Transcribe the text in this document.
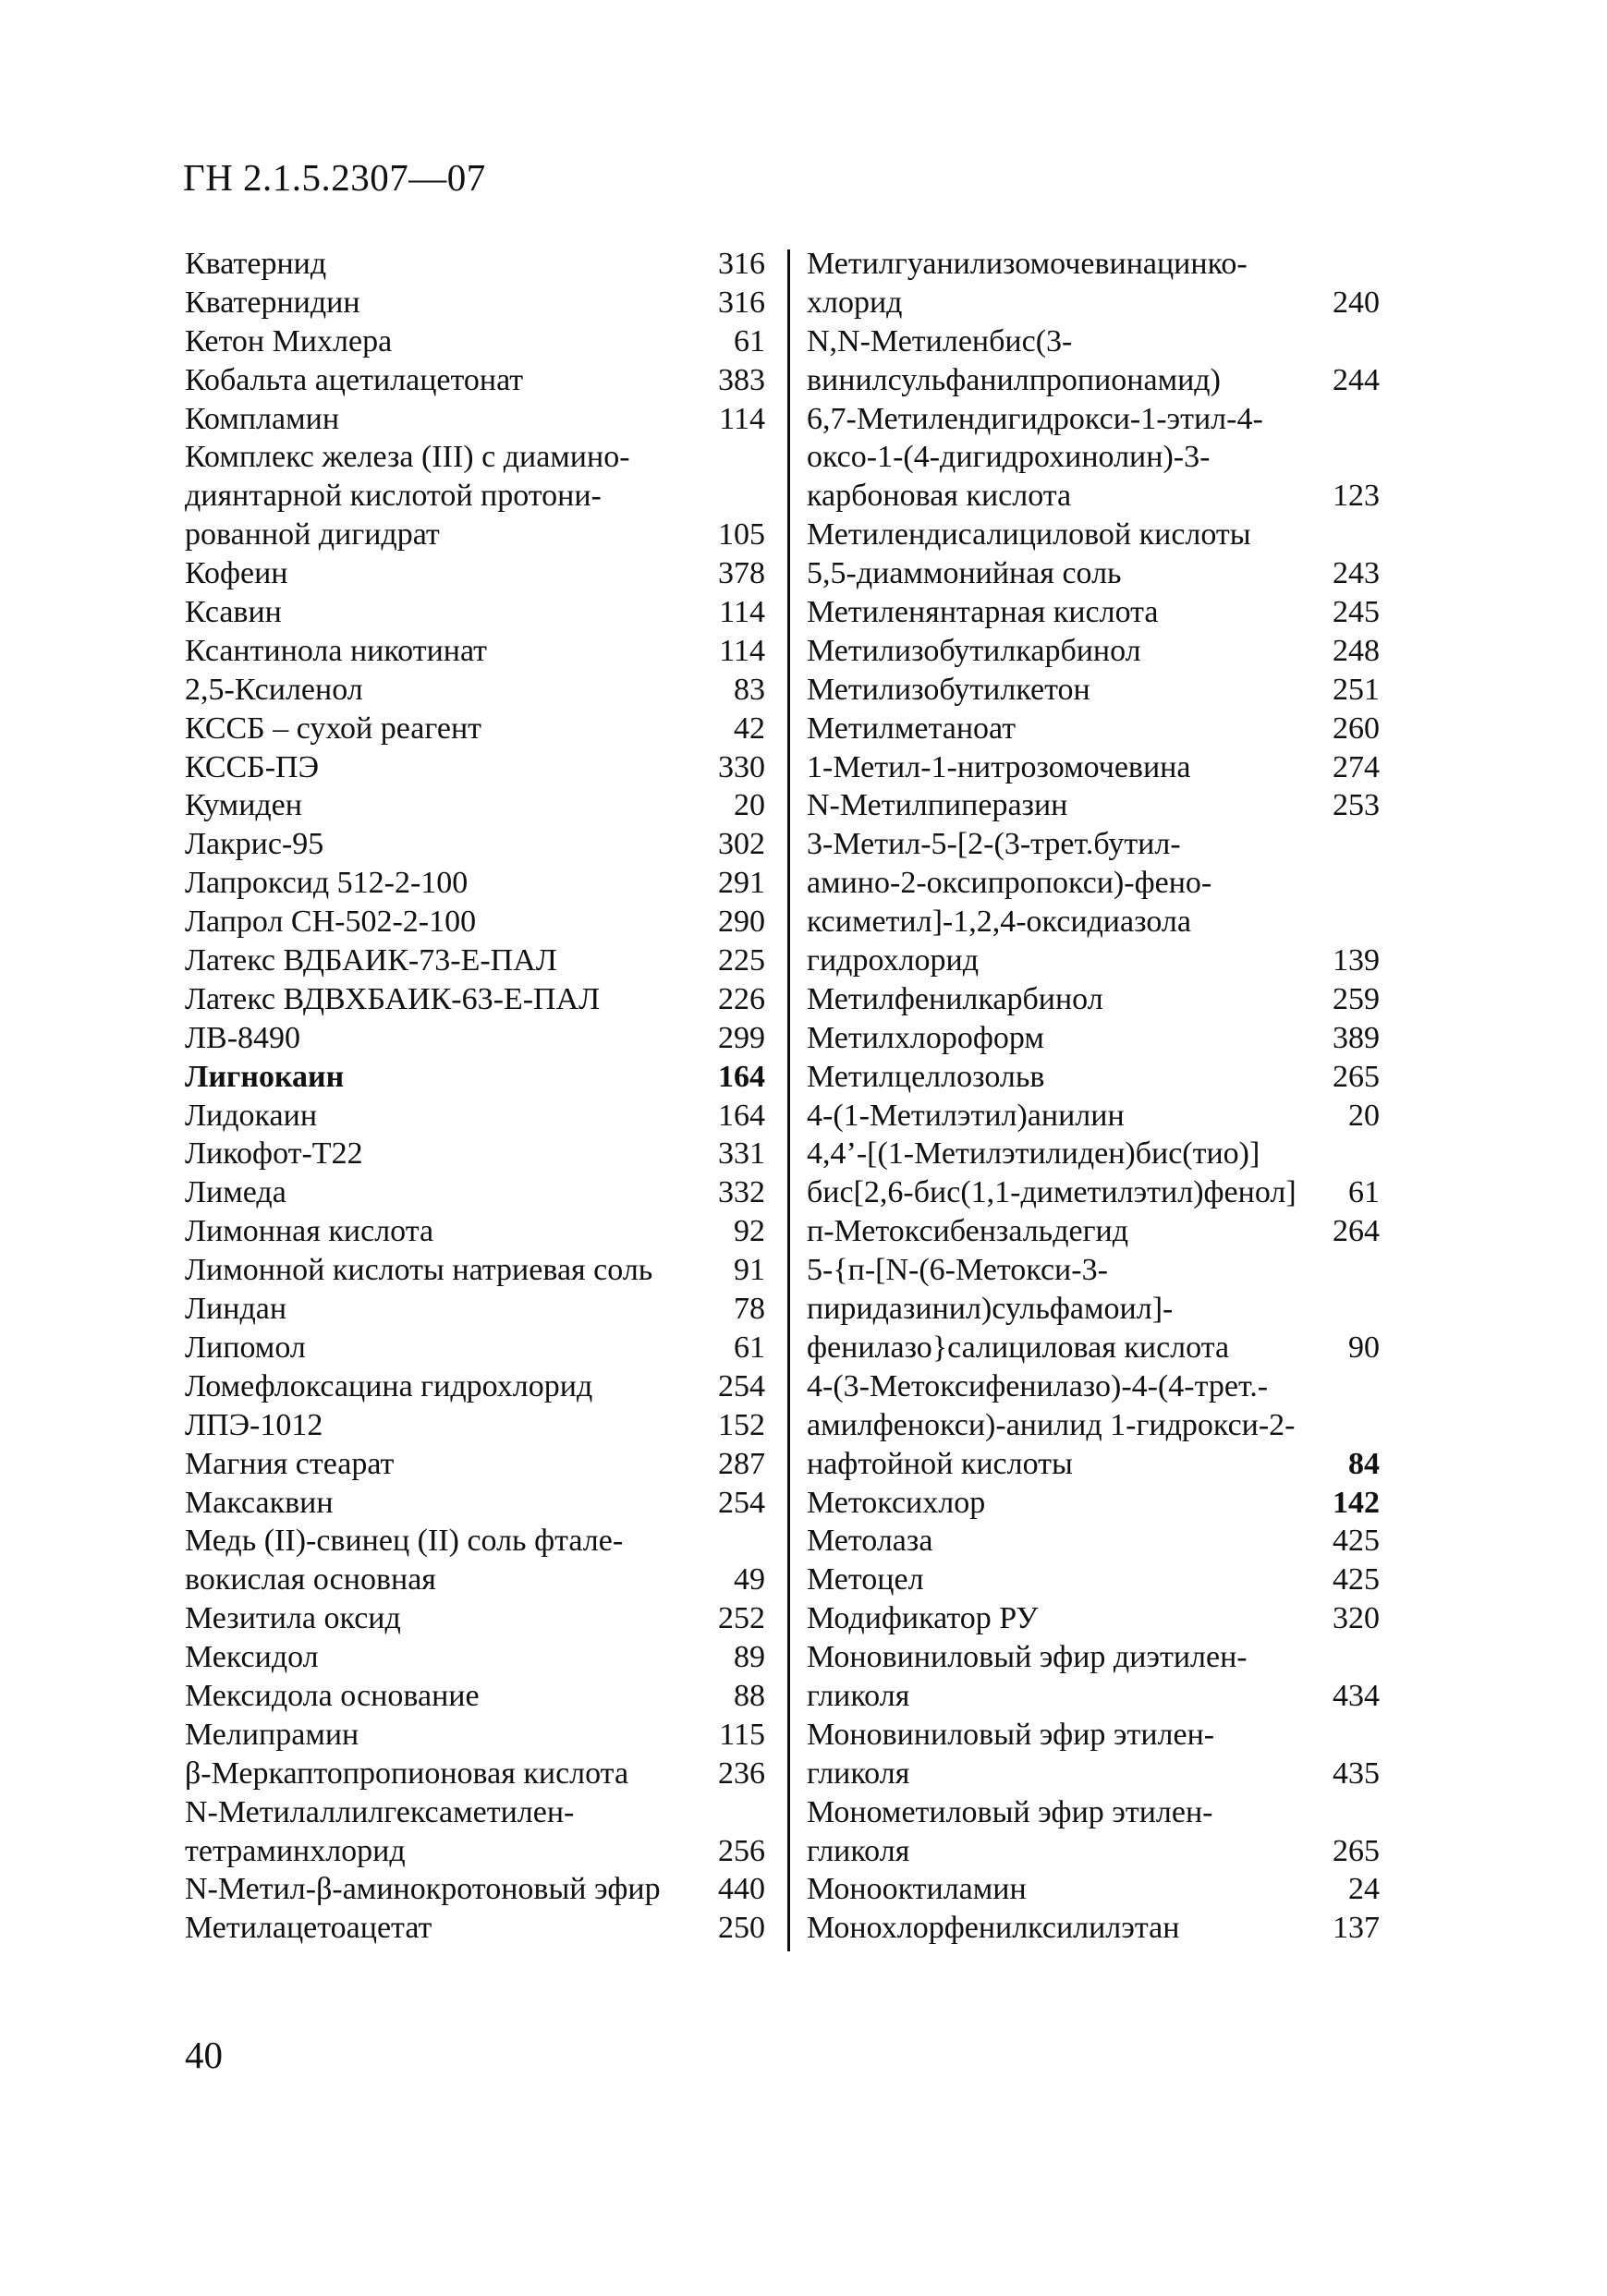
ГН 2.1.5.2307—07
Кватернид	316
Кватернидин	316
Кетон Михлера	61
Кобальта ацетилацетонат	383
Компламин	114
Комплекс железа (III) с диамино-
диянтарной кислотой протони-
рованной дигидрат	105
Кофеин	378
Ксавин	114
Ксантинола никотинат	114
2,5-Ксиленол	83
КССБ – сухой реагент	42
КССБ-ПЭ	330
Кумиден	20
Лакрис-95	302
Лапроксид 512-2-100	291
Лапрол СН-502-2-100	290
Латекс ВДБАИК-73-Е-ПАЛ	225
Латекс ВДВХБАИК-63-Е-ПАЛ	226
ЛВ-8490	299
Лигнокаин	164
Лидокаин	164
Ликофот-Т22	331
Лимеда	332
Лимонная кислота	92
Лимонной кислоты натриевая соль	91
Линдан	78
Липомол	61
Ломефлоксацина гидрохлорид	254
ЛПЭ-1012	152
Магния стеарат	287
Максаквин	254
Медь (II)-свинец (II) соль фтале-
вокислая основная	49
Мезитила оксид	252
Мексидол	89
Мексидола основание	88
Мелипрамин	115
β-Меркаптопропионовая кислота	236
N-Метилаллилгексаметилен-
тетраминхлорид	256
N-Метил-β-аминокротоновый эфир	440
Метилацетоацетат	250
Метилгуанилизомочевинацинко-
хлорид	240
N,N-Метиленбис(3-
винилсульфанилпропионамид)	244
6,7-Метилендигидрокси-1-этил-4-
оксо-1-(4-дигидрохинолин)-3-
карбоновая кислота	123
Метилендисалициловой кислоты
5,5-диаммонийная соль	243
Метиленянтарная кислота	245
Метилизобутилкарбинол	248
Метилизобутилкетон	251
Метилметаноат	260
1-Метил-1-нитрозомочевина	274
N-Метилпиперазин	253
3-Метил-5-[2-(3-трет.бутил-
амино-2-оксипропокси)-фено-
ксиметил]-1,2,4-оксидиазола
гидрохлорид	139
Метилфенилкарбинол	259
Метилхлороформ	389
Метилцеллозольв	265
4-(1-Метилэтил)анилин	20
4,4’-[(1-Метилэтилиден)бис(тио)]
бис[2,6-бис(1,1-диметилэтил)фенол]	61
п-Метоксибензальдегид	264
5-{п-[N-(6-Метокси-3-
пиридазинил)сульфамоил]-
фенилазо}салициловая кислота	90
4-(3-Метоксифенилазо)-4-(4-трет.-
амилфенокси)-анилид 1-гидрокси-2-
нафтойной кислоты	84
Метоксихлор	142
Метолаза	425
Метоцел	425
Модификатор РУ	320
Моновиниловый эфир диэтилен-
гликоля	434
Моновиниловый эфир этилен-
гликоля	435
Монометиловый эфир этилен-
гликоля	265
Монооктиламин	24
Монохлорфенилксилилэтан	137
40
